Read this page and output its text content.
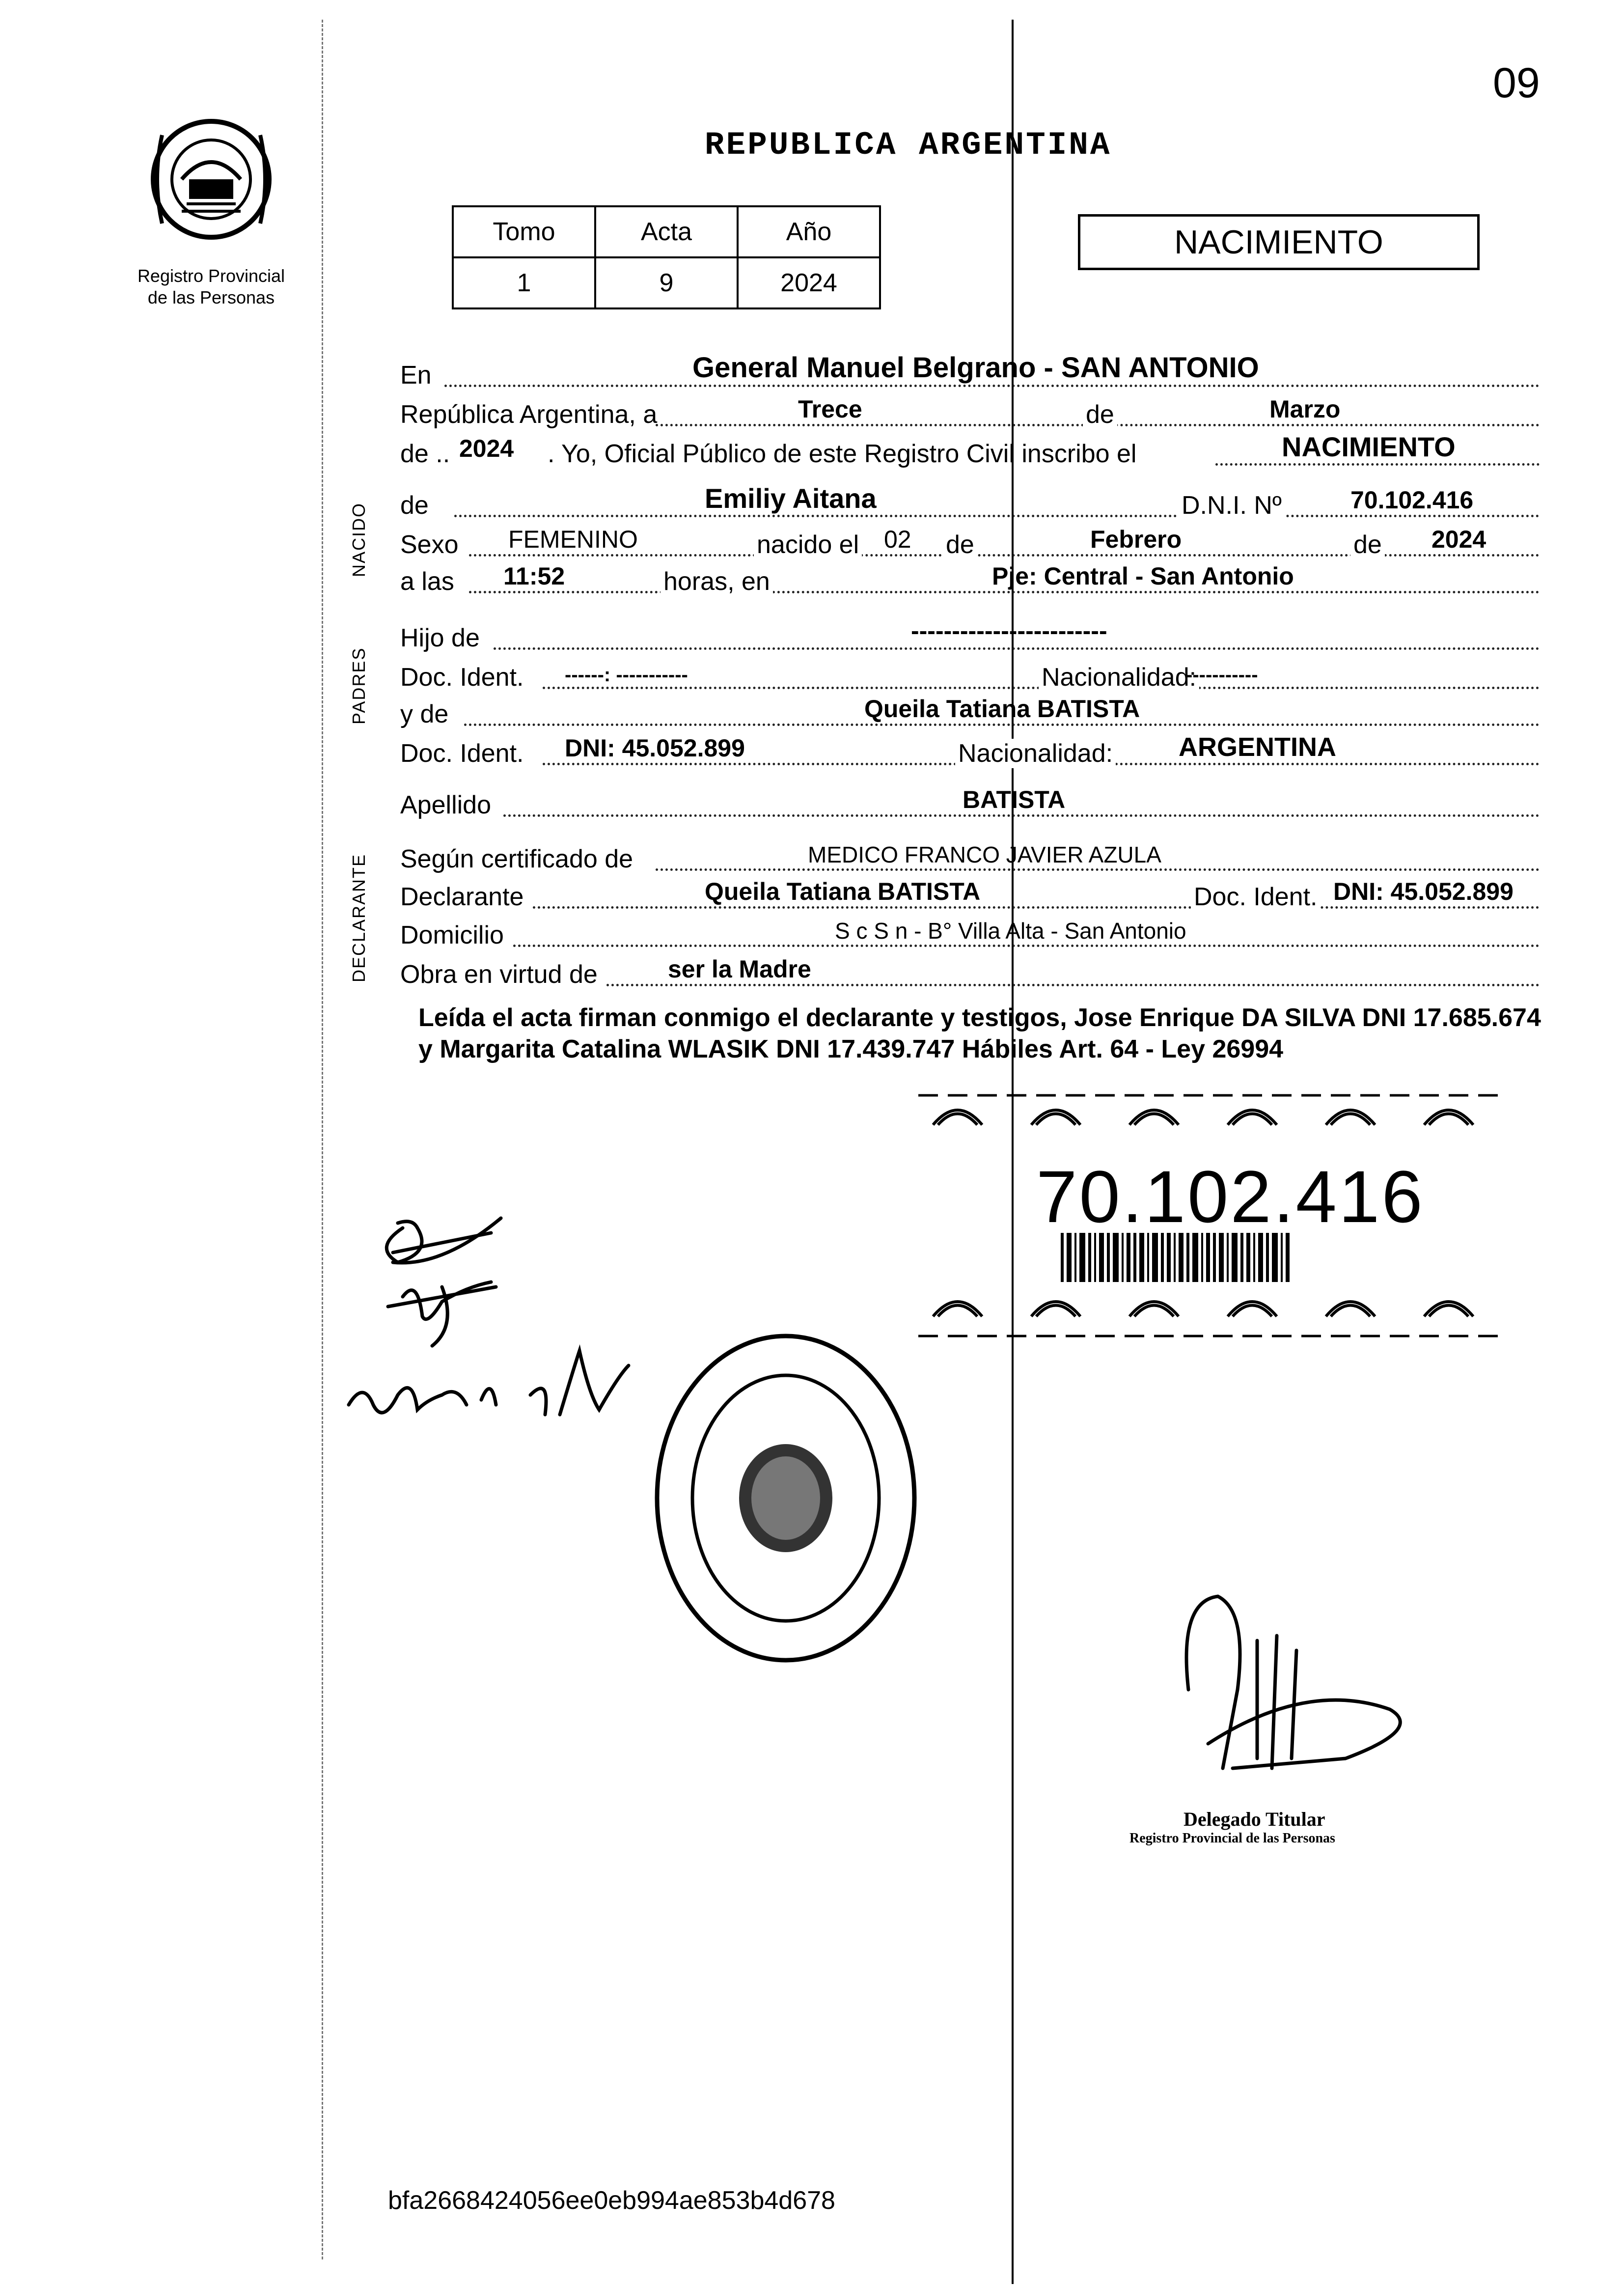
09
Registro Provincial
de las Personas
REPUBLICA ARGENTINA
Tomo	Acta	Año
1	9	2024
NACIMIENTO
NACIDO
PADRES
DECLARANTE
En	General Manuel Belgrano - SAN ANTONIO
República Argentina, a	Trece	de	Marzo
de .. 2024 . Yo, Oficial Público de este Registro Civil inscribo el	NACIMIENTO
de	Emiliy Aitana	D.N.I. Nº	70.102.416
Sexo FEMENINO	nacido el 02 de	Febrero	de 2024
a las 11:52	horas, en	Pje: Central - San Antonio
Hijo de	------------------------
Doc. Ident. ------: -----------	Nacionalidad:
-----------
y de	Queila Tatiana BATISTA
Doc. Ident. DNI: 45.052.899	Nacionalidad: ARGENTINA
Apellido	BATISTA
Según certificado de	MEDICO FRANCO JAVIER AZULA
Declarante	Queila Tatiana BATISTA	Doc. Ident. DNI: 45.052.899
Domicilio	S c S n - B° Villa Alta - San Antonio
Obra en virtud de	ser la Madre
Leída el acta firman conmigo el declarante y testigos, Jose Enrique DA SILVA DNI 17.685.674 y Margarita Catalina WLASIK DNI 17.439.747 Hábiles Art. 64 - Ley 26994
70.102.416
Delegado Titular
Registro Provincial de las Personas
bfa2668424056ee0eb994ae853b4d678
